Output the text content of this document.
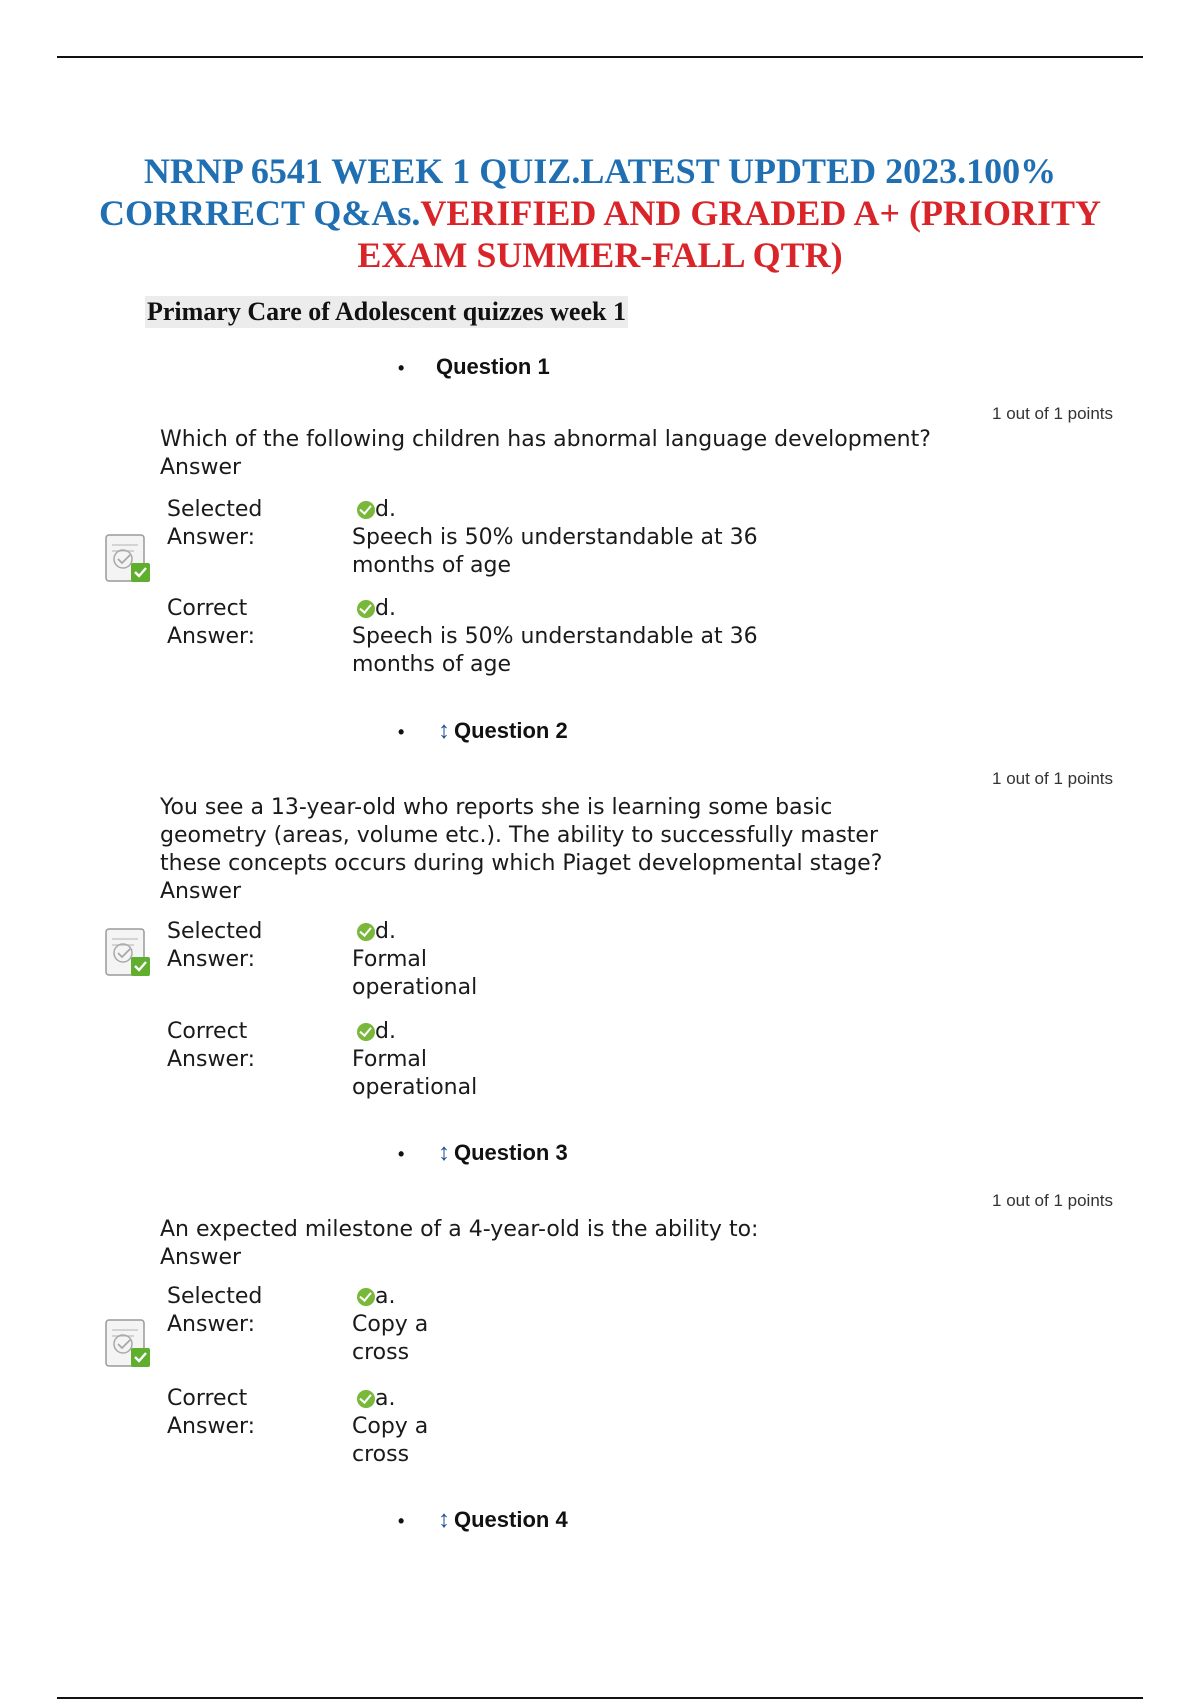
NRNP 6541 WEEK 1 QUIZ.LATEST UPDTED 2023.100%
CORRRECT Q&As.VERIFIED AND GRADED A+ (PRIORITY
EXAM SUMMER-FALL QTR)
Primary Care of Adolescent quizzes week 1
• Question 1
1 out of 1 points
Which of the following children has abnormal language development?
Answer
Selected
Answer:
d.
Speech is 50% understandable at 36
months of age
Correct
Answer:
d.
Speech is 50% understandable at 36
months of age
• ↕ Question 2
1 out of 1 points
You see a 13-year-old who reports she is learning some basic
geometry (areas, volume etc.). The ability to successfully master
these concepts occurs during which Piaget developmental stage?
Answer
Selected
Answer:
d.
Formal
operational
Correct
Answer:
d.
Formal
operational
• ↕ Question 3
1 out of 1 points
An expected milestone of a 4-year-old is the ability to:
Answer
Selected
Answer:
a.
Copy a
cross
Correct
Answer:
a.
Copy a
cross
• ↕ Question 4
